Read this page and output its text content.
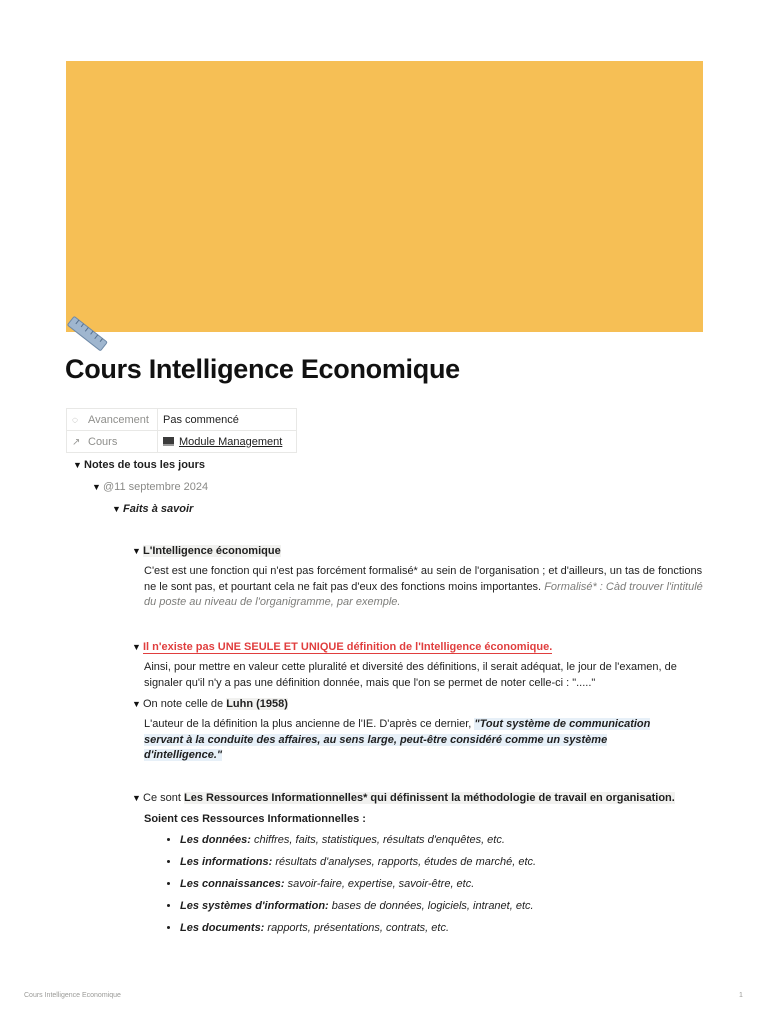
Cours Intelligence Economique
◌ Avancement	Pas commencé
↗ Cours	Module Management
▼ Notes de tous les jours
▼ @11 septembre 2024
▼ Faits à savoir
▼ L'Intelligence économique
C'est est une fonction qui n'est pas forcément formalisé* au sein de l'organisation ; et d'ailleurs, un tas de fonctions ne le sont pas, et pourtant cela ne fait pas d'eux des fonctions moins importantes. Formalisé* : Càd trouver l'intitulé du poste au niveau de l'organigramme, par exemple.
▼ Il n'existe pas UNE SEULE ET UNIQUE définition de l'Intelligence économique.
Ainsi, pour mettre en valeur cette pluralité et diversité des définitions, il serait adéquat, le jour de l'examen, de signaler qu'il n'y a pas une définition donnée, mais que l'on se permet de noter celle-ci : "....."
▼ On note celle de Luhn (1958)
L'auteur de la définition la plus ancienne de l'IE. D'après ce dernier, "Tout système de communication servant à la conduite des affaires, au sens large, peut-être considéré comme un système d'intelligence."
▼ Ce sont Les Ressources Informationnelles* qui définissent la méthodologie de travail en organisation.
Soient ces Ressources Informationnelles :
• Les données: chiffres, faits, statistiques, résultats d'enquêtes, etc.
• Les informations: résultats d'analyses, rapports, études de marché, etc.
• Les connaissances: savoir-faire, expertise, savoir-être, etc.
• Les systèmes d'information: bases de données, logiciels, intranet, etc.
• Les documents: rapports, présentations, contrats, etc.
Cours Intelligence Economique	1
